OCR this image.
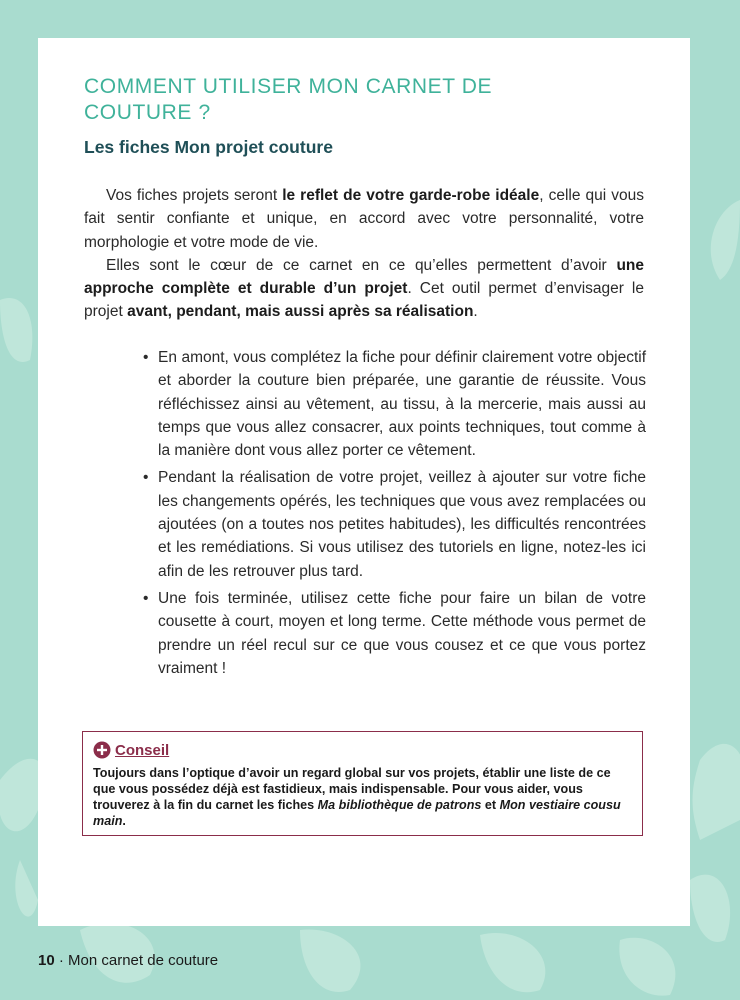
COMMENT UTILISER MON CARNET DE COUTURE ?
Les fiches Mon projet couture

Vos fiches projets seront le reflet de votre garde-robe idéale, celle qui vous fait sentir confiante et unique, en accord avec votre personnalité, votre morphologie et votre mode de vie.

Elles sont le cœur de ce carnet en ce qu’elles permettent d’avoir une approche complète et durable d’un projet. Cet outil permet d’envisager le projet avant, pendant, mais aussi après sa réalisation.

• En amont, vous complétez la fiche pour définir clairement votre objectif et aborder la couture bien préparée, une garantie de réussite. Vous réfléchissez ainsi au vêtement, au tissu, à la mercerie, mais aussi au temps que vous allez consacrer, aux points techniques, tout comme à la manière dont vous allez porter ce vêtement.
• Pendant la réalisation de votre projet, veillez à ajouter sur votre fiche les changements opérés, les techniques que vous avez remplacées ou ajoutées (on a toutes nos petites habitudes), les difficultés rencontrées et les remédiations. Si vous utilisez des tutoriels en ligne, notez-les ici afin de les retrouver plus tard.
• Une fois terminée, utilisez cette fiche pour faire un bilan de votre cousette à court, moyen et long terme. Cette méthode vous permet de prendre un réel recul sur ce que vous cousez et ce que vous portez vraiment !
Conseil

Toujours dans l’optique d’avoir un regard global sur vos projets, établir une liste de ce que vous possédez déjà est fastidieux, mais indispensable. Pour vous aider, vous trouverez à la fin du carnet les fiches Ma bibliothèque de patrons et Mon vestiaire cousu main.

10 · Mon carnet de couture
